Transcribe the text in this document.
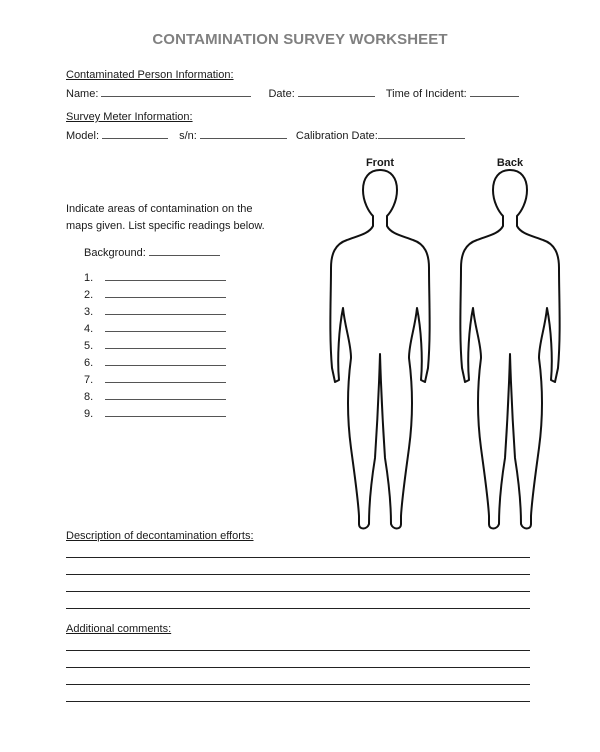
CONTAMINATION SURVEY WORKSHEET
Contaminated Person Information:
Name:	Date:	Time of Incident:
Survey Meter Information:
Model:	s/n:	Calibration Date:
Indicate areas of contamination on the
maps given. List specific readings below.
Background:
1.
2.
3.
4.
5.
6.
7.
8.
9.
Front	Back
Description of decontamination efforts:
Additional comments:
